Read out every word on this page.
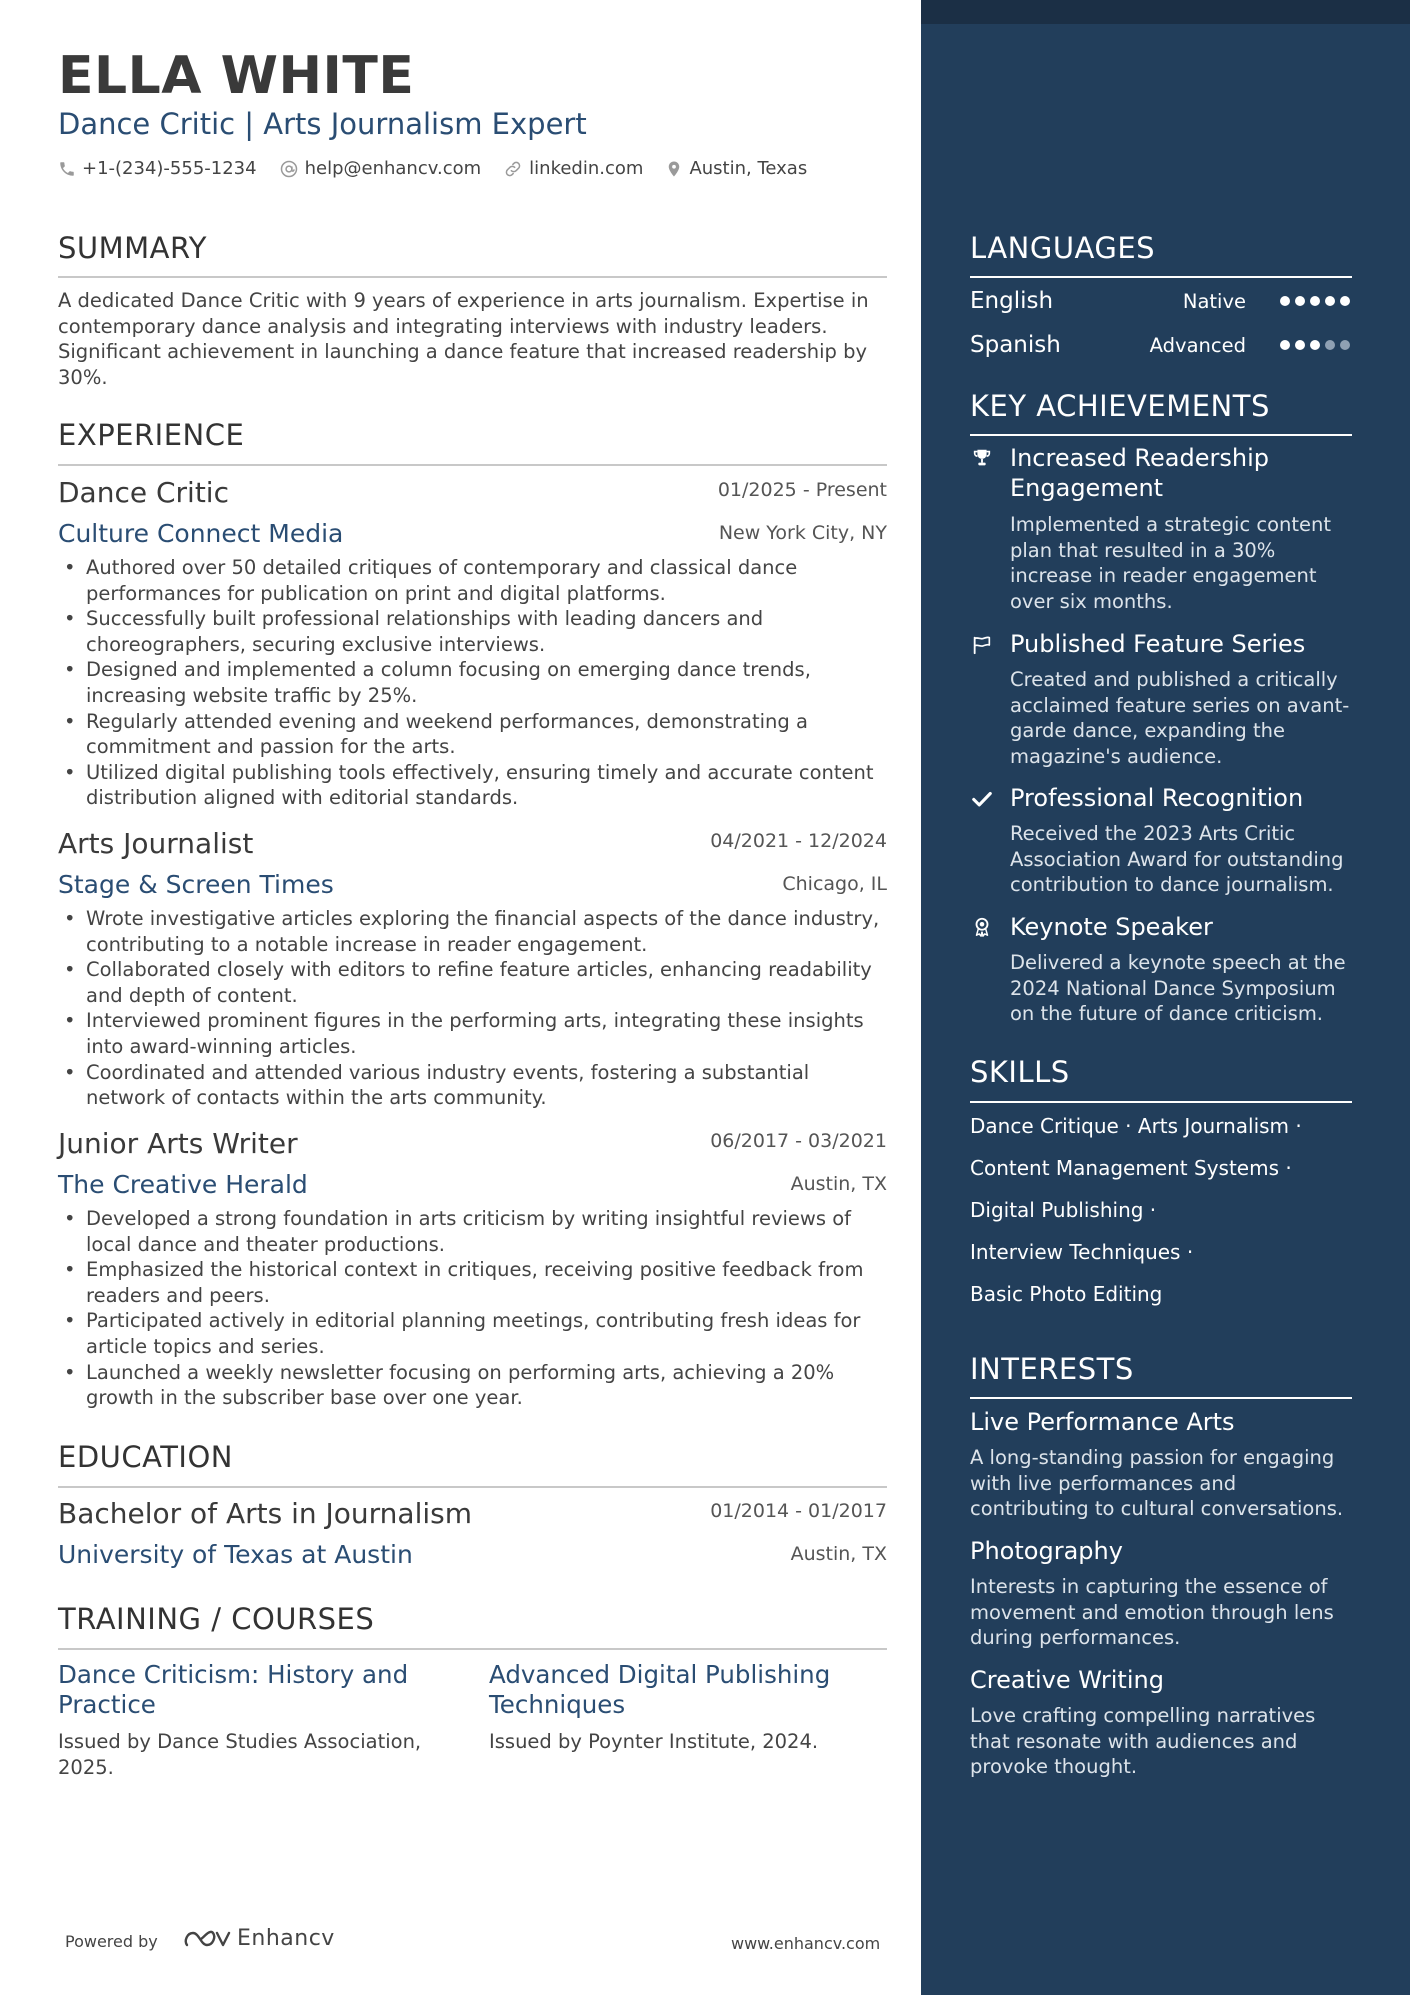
ELLA WHITE
Dance Critic | Arts Journalism Expert
+1-(234)-555-1234	help@enhancv.com	linkedin.com	Austin, Texas
SUMMARY
A dedicated Dance Critic with 9 years of experience in arts journalism. Expertise in contemporary dance analysis and integrating interviews with industry leaders. Significant achievement in launching a dance feature that increased readership by 30%.
EXPERIENCE
Dance Critic	01/2025 - Present
Culture Connect Media	New York City, NY
• Authored over 50 detailed critiques of contemporary and classical dance performances for publication on print and digital platforms.
• Successfully built professional relationships with leading dancers and choreographers, securing exclusive interviews.
• Designed and implemented a column focusing on emerging dance trends, increasing website traffic by 25%.
• Regularly attended evening and weekend performances, demonstrating a commitment and passion for the arts.
• Utilized digital publishing tools effectively, ensuring timely and accurate content distribution aligned with editorial standards.
Arts Journalist	04/2021 - 12/2024
Stage & Screen Times	Chicago, IL
• Wrote investigative articles exploring the financial aspects of the dance industry, contributing to a notable increase in reader engagement.
• Collaborated closely with editors to refine feature articles, enhancing readability and depth of content.
• Interviewed prominent figures in the performing arts, integrating these insights into award-winning articles.
• Coordinated and attended various industry events, fostering a substantial network of contacts within the arts community.
Junior Arts Writer	06/2017 - 03/2021
The Creative Herald	Austin, TX
• Developed a strong foundation in arts criticism by writing insightful reviews of local dance and theater productions.
• Emphasized the historical context in critiques, receiving positive feedback from readers and peers.
• Participated actively in editorial planning meetings, contributing fresh ideas for article topics and series.
• Launched a weekly newsletter focusing on performing arts, achieving a 20% growth in the subscriber base over one year.
EDUCATION
Bachelor of Arts in Journalism	01/2014 - 01/2017
University of Texas at Austin	Austin, TX
TRAINING / COURSES
Dance Criticism: History and Practice
Issued by Dance Studies Association, 2025.
Advanced Digital Publishing Techniques
Issued by Poynter Institute, 2024.
Powered by	Enhancv	www.enhancv.com
LANGUAGES
English	Native
Spanish	Advanced
KEY ACHIEVEMENTS
Increased Readership Engagement
Implemented a strategic content plan that resulted in a 30% increase in reader engagement over six months.
Published Feature Series
Created and published a critically acclaimed feature series on avant-garde dance, expanding the magazine's audience.
Professional Recognition
Received the 2023 Arts Critic Association Award for outstanding contribution to dance journalism.
Keynote Speaker
Delivered a keynote speech at the 2024 National Dance Symposium on the future of dance criticism.
SKILLS
Dance Critique · Arts Journalism ·
Content Management Systems ·
Digital Publishing ·
Interview Techniques ·
Basic Photo Editing
INTERESTS
Live Performance Arts
A long-standing passion for engaging with live performances and contributing to cultural conversations.
Photography
Interests in capturing the essence of movement and emotion through lens during performances.
Creative Writing
Love crafting compelling narratives that resonate with audiences and provoke thought.
